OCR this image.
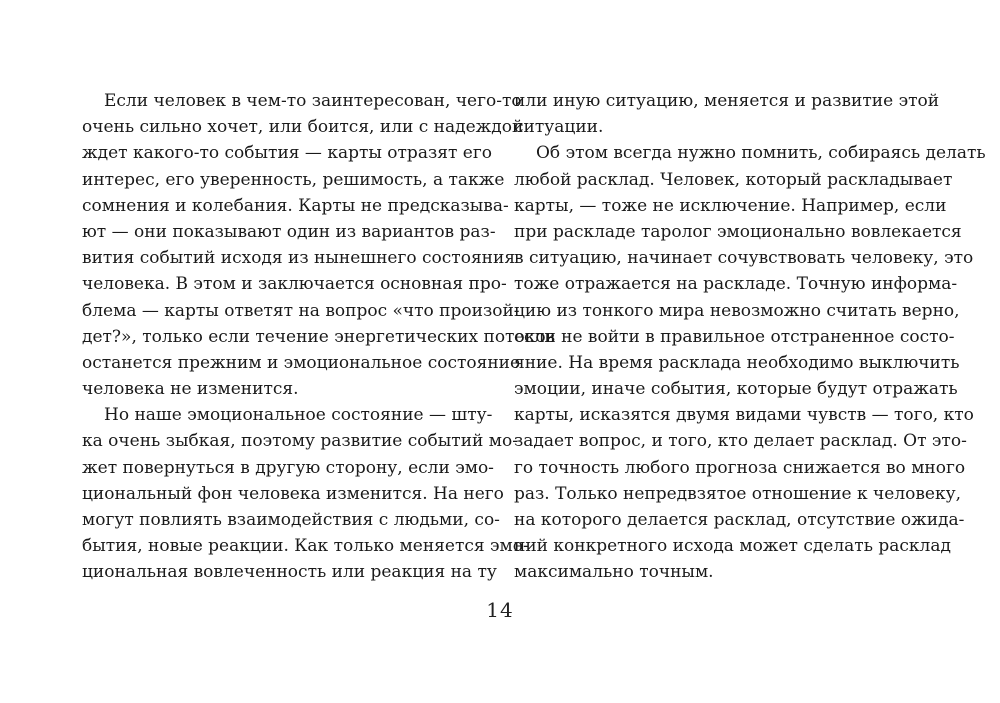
Если человек в чем-то заинтересован, чего-то
очень сильно хочет, или боится, или с надеждой
ждет какого-то события — карты отразят его
интерес, его уверенность, решимость, а также
сомнения и колебания. Карты не предсказыва-
ют — они показывают один из вариантов раз-
вития событий исходя из нынешнего состояния
человека. В этом и заключается основная про-
блема — карты ответят на вопрос «что произой-
дет?», только если течение энергетических потоков
останется прежним и эмоциональное состояние
человека не изменится.
Но наше эмоциональное состояние — шту-
ка очень зыбкая, поэтому развитие событий мо-
жет повернуться в другую сторону, если эмо-
циональный фон человека изменится. На него
могут повлиять взаимодействия с людьми, со-
бытия, новые реакции. Как только меняется эмо-
циональная вовлеченность или реакция на ту
или иную ситуацию, меняется и развитие этой
ситуации.
Об этом всегда нужно помнить, собираясь делать
любой расклад. Человек, который раскладывает
карты, — тоже не исключение. Например, если
при раскладе таролог эмоционально вовлекается
в ситуацию, начинает сочувствовать человеку, это
тоже отражается на раскладе. Точную информа-
цию из тонкого мира невозможно считать верно,
если не войти в правильное отстраненное состо-
яние. На время расклада необходимо выключить
эмоции, иначе события, которые будут отражать
карты, исказятся двумя видами чувств — того, кто
задает вопрос, и того, кто делает расклад. От это-
го точность любого прогноза снижается во много
раз. Только непредвзятое отношение к человеку,
на которого делается расклад, отсутствие ожида-
ний конкретного исхода может сделать расклад
максимально точным.
14
